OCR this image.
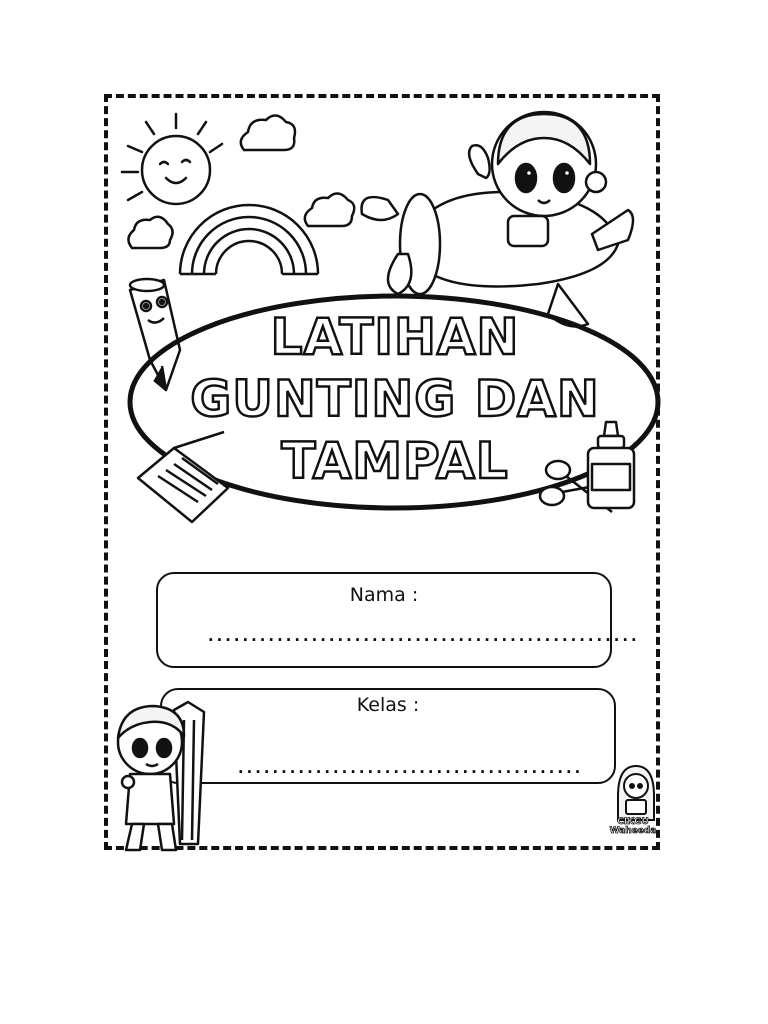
LATIHAN
GUNTING DAN
TAMPAL
Nama :
..................................................
Kelas :
........................................
CIKGU
Waheeda
